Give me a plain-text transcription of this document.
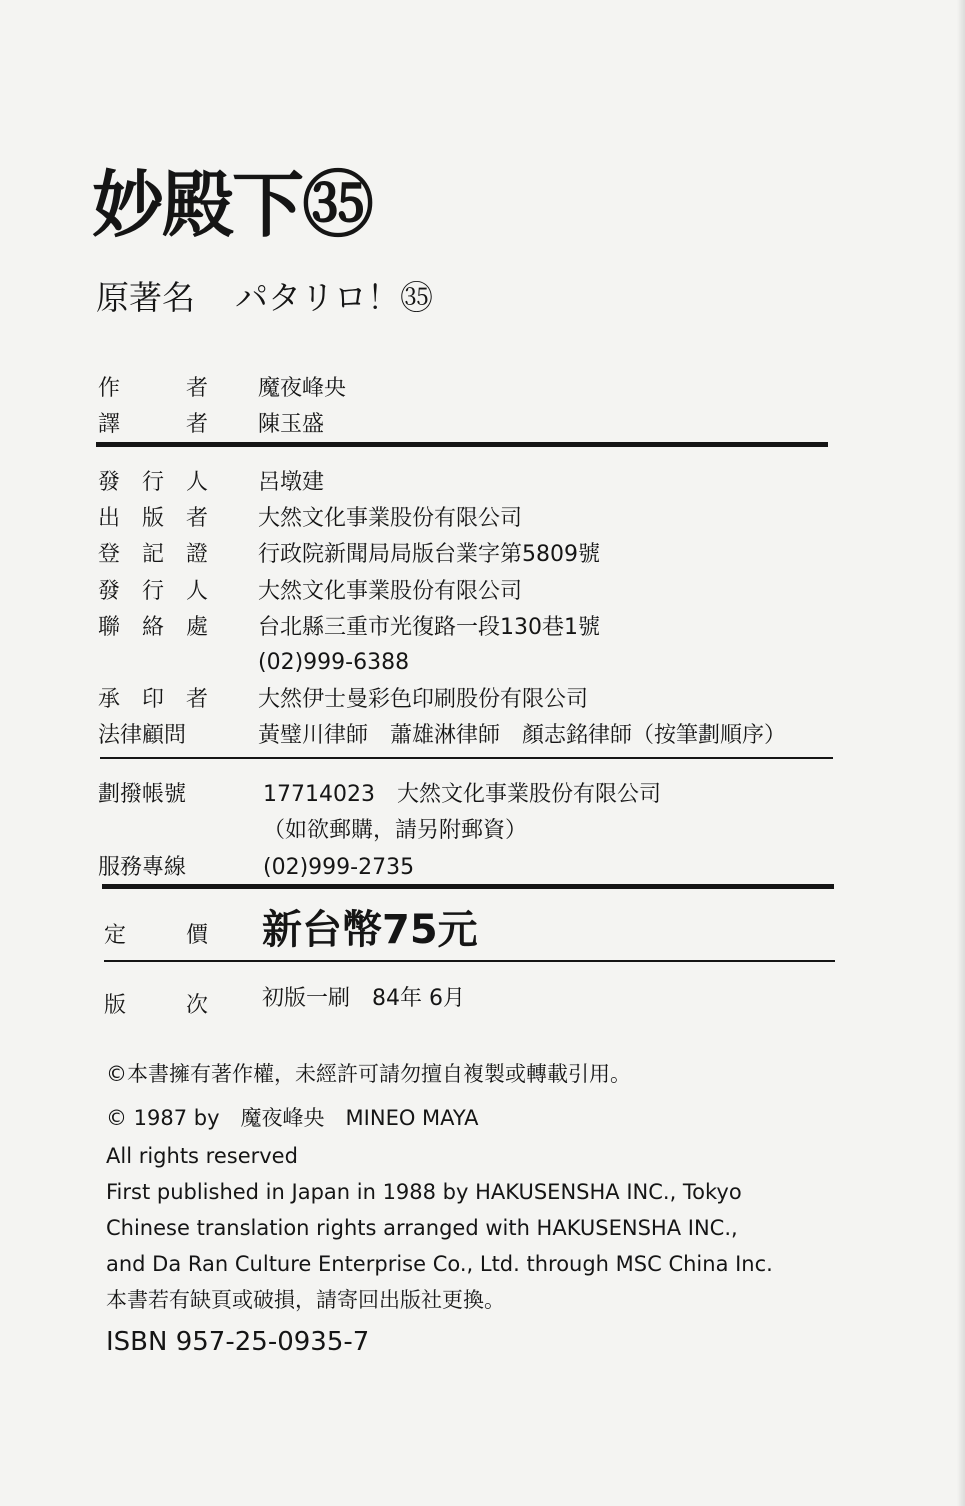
妙殿下㉟
原著名 パタリロ！㉟
作	者 魔夜峰央
譯	者 陳玉盛
發 行 人 呂墩建
出 版 者 大然文化事業股份有限公司
登 記 證 行政院新聞局局版台業字第5809號
發 行 人 大然文化事業股份有限公司
聯 絡 處 台北縣三重市光復路一段130巷1號
(02)999-6388
承 印 者 大然伊士曼彩色印刷股份有限公司
法律顧問	黃璧川律師　蕭雄淋律師　顏志銘律師（按筆劃順序）
劃撥帳號	17714023　大然文化事業股份有限公司
（如欲郵購，請另附郵資）
服務專線	(02)999-2735
定	價 新台幣75元
版	次 初版一刷　84年 6月
©本書擁有著作權，未經許可請勿擅自複製或轉載引用。
© 1987 by　魔夜峰央　MINEO MAYA
All rights reserved
First published in Japan in 1988 by HAKUSENSHA INC., Tokyo
Chinese translation rights arranged with HAKUSENSHA INC.,
and Da Ran Culture Enterprise Co., Ltd. through MSC China Inc.
本書若有缺頁或破損，請寄回出版社更換。
ISBN 957-25-0935-7
